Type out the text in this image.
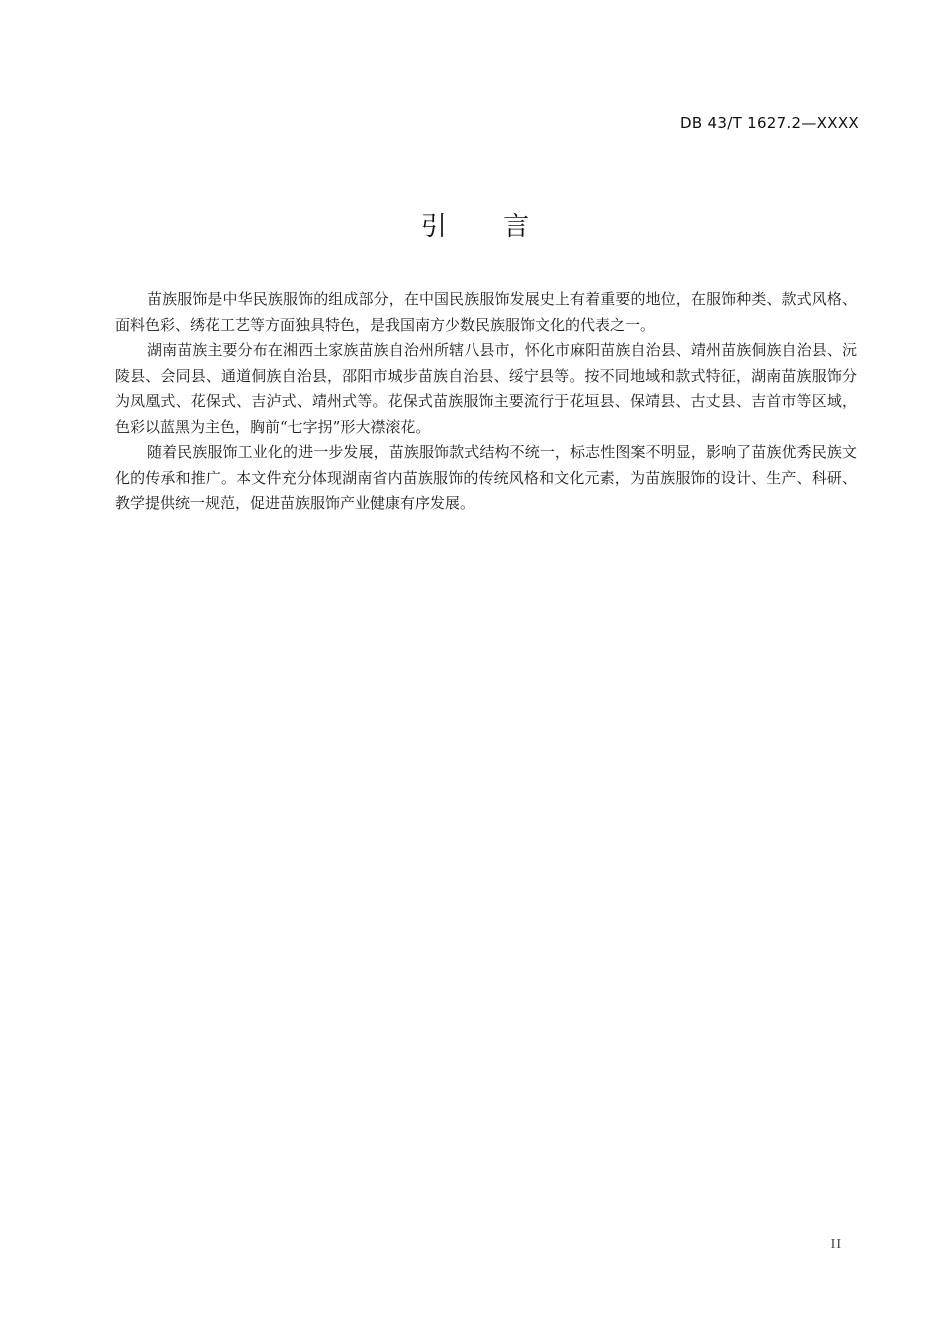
DB 43/T 1627.2—XXXX
引 言

苗族服饰是中华民族服饰的组成部分，在中国民族服饰发展史上有着重要的地位，在服饰种类、款式风格、面料色彩、绣花工艺等方面独具特色，是我国南方少数民族服饰文化的代表之一。

湖南苗族主要分布在湘西土家族苗族自治州所辖八县市，怀化市麻阳苗族自治县、靖州苗族侗族自治县、沅陵县、会同县、通道侗族自治县，邵阳市城步苗族自治县、绥宁县等。按不同地域和款式特征，湖南苗族服饰分为凤凰式、花保式、吉泸式、靖州式等。花保式苗族服饰主要流行于花垣县、保靖县、古丈县、吉首市等区域，色彩以蓝黑为主色，胸前“七字拐”形大襟滚花。

随着民族服饰工业化的进一步发展，苗族服饰款式结构不统一，标志性图案不明显，影响了苗族优秀民族文化的传承和推广。本文件充分体现湖南省内苗族服饰的传统风格和文化元素，为苗族服饰的设计、生产、科研、教学提供统一规范，促进苗族服饰产业健康有序发展。

II
